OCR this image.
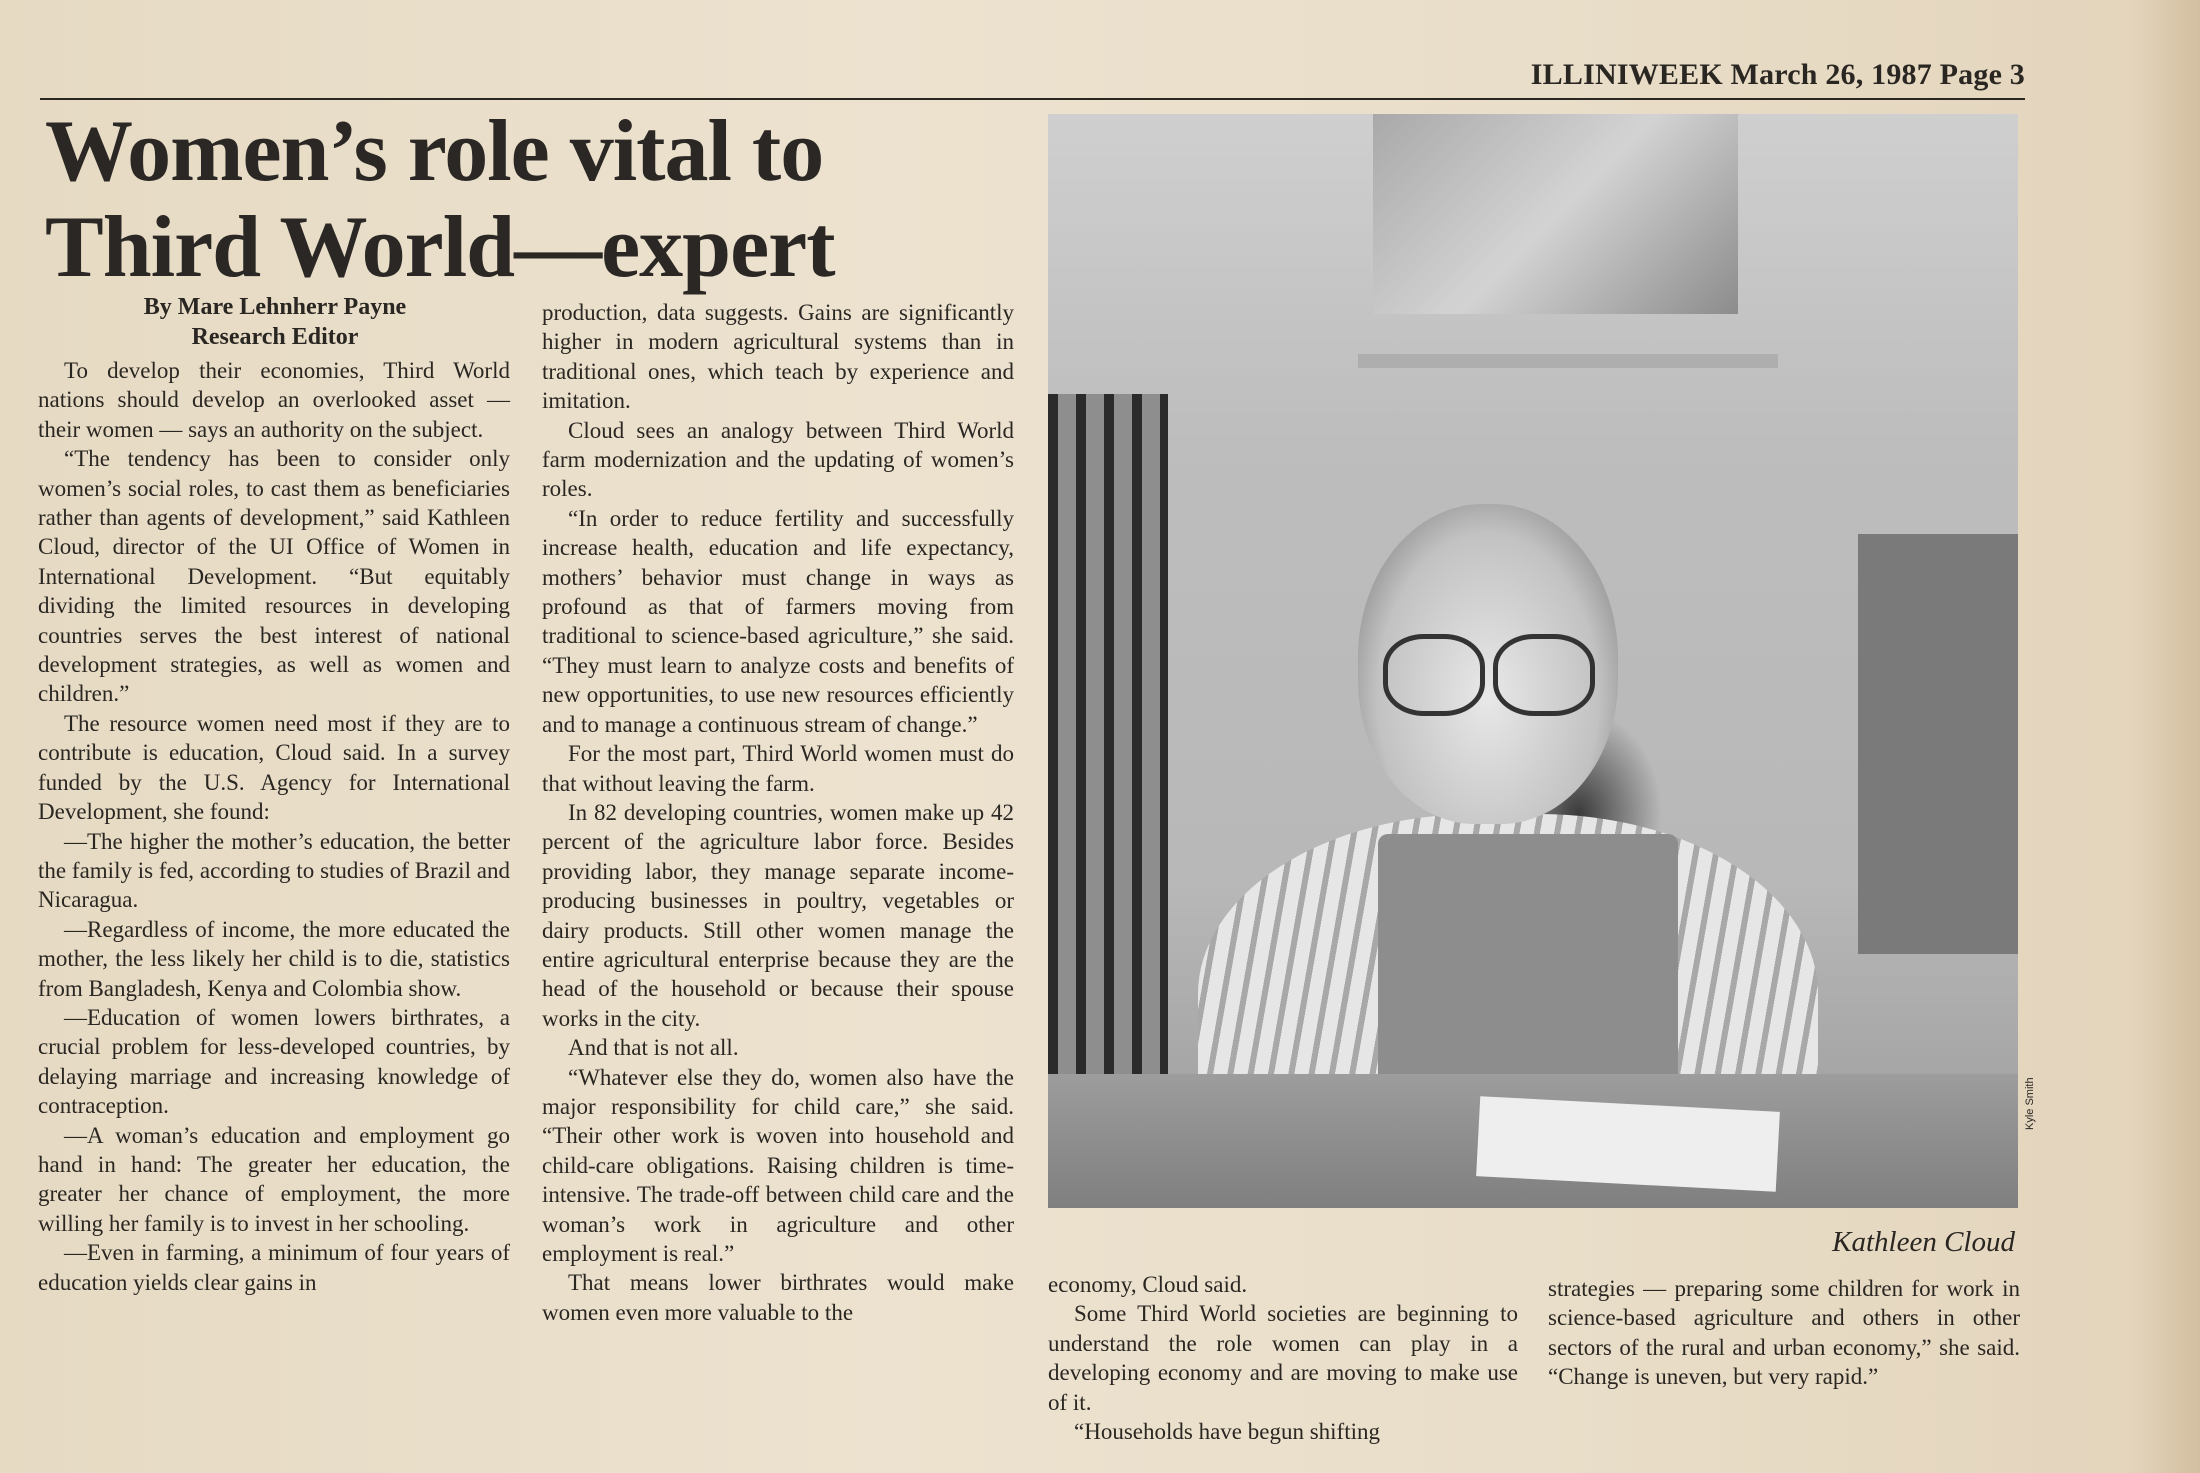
ILLINIWEEK March 26, 1987 Page 3
Women’s role vital to
Third World—expert
By Mare Lehnherr Payne
Research Editor

To develop their economies, Third World nations should develop an overlooked asset — their women — says an authority on the subject.

“The tendency has been to consider only women’s social roles, to cast them as beneficiaries rather than agents of development,” said Kathleen Cloud, director of the UI Office of Women in International Development. “But equitably dividing the limited resources in developing countries serves the best interest of national development strategies, as well as women and children.”

The resource women need most if they are to contribute is education, Cloud said. In a survey funded by the U.S. Agency for International Development, she found:

—The higher the mother’s education, the better the family is fed, according to studies of Brazil and Nicaragua.

—Regardless of income, the more educated the mother, the less likely her child is to die, statistics from Bangladesh, Kenya and Colombia show.

—Education of women lowers birthrates, a crucial problem for less-developed countries, by delaying marriage and increasing knowledge of contraception.

—A woman’s education and employment go hand in hand: The greater her education, the greater her chance of employment, the more willing her family is to invest in her schooling.

—Even in farming, a minimum of four years of education yields clear gains in

production, data suggests. Gains are significantly higher in modern agricultural systems than in traditional ones, which teach by experience and imitation.

Cloud sees an analogy between Third World farm modernization and the updating of women’s roles.

“In order to reduce fertility and successfully increase health, education and life expectancy, mothers’ behavior must change in ways as profound as that of farmers moving from traditional to science-based agriculture,” she said. “They must learn to analyze costs and benefits of new opportunities, to use new resources efficiently and to manage a continuous stream of change.”

For the most part, Third World women must do that without leaving the farm.

In 82 developing countries, women make up 42 percent of the agriculture labor force. Besides providing labor, they manage separate income-producing businesses in poultry, vegetables or dairy products. Still other women manage the entire agricultural enterprise because they are the head of the household or because their spouse works in the city.

And that is not all.

“Whatever else they do, women also have the major responsibility for child care,” she said. “Their other work is woven into household and child-care obligations. Raising children is time-intensive. The trade-off between child care and the woman’s work in agriculture and other employment is real.”

That means lower birthrates would make women even more valuable to the

Kyle Smith
Kathleen Cloud

economy, Cloud said.

Some Third World societies are beginning to understand the role women can play in a developing economy and are moving to make use of it.

“Households have begun shifting

strategies — preparing some children for work in science-based agriculture and others in other sectors of the rural and urban economy,” she said. “Change is uneven, but very rapid.”
